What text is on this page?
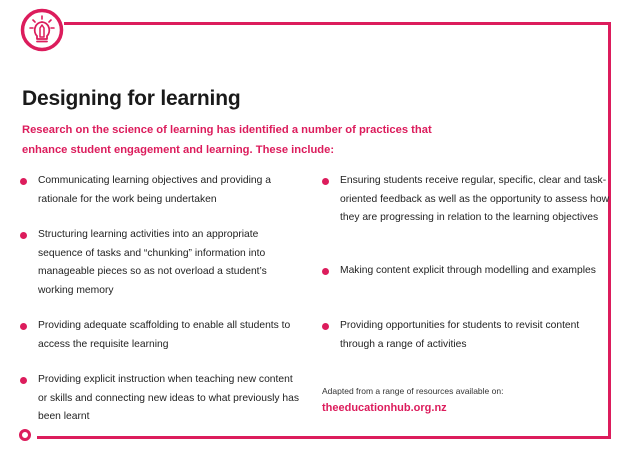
Designing for learning

Research on the science of learning has identified a number of practices that enhance student engagement and learning. These include:

Communicating learning objectives and providing a rationale for the work being undertaken
Structuring learning activities into an appropriate sequence of tasks and “chunking” information into manageable pieces so as not overload a student’s working memory
Providing adequate scaffolding to enable all students to access the requisite learning
Providing explicit instruction when teaching new content or skills and connecting new ideas to what previously has been learnt
Ensuring students receive regular, specific, clear and task-oriented feedback as well as the opportunity to assess how they are progressing in relation to the learning objectives
Making content explicit through modelling and examples
Providing opportunities for students to revisit content through a range of activities
Adapted from a range of resources available on:
theeducationhub.org.nz
